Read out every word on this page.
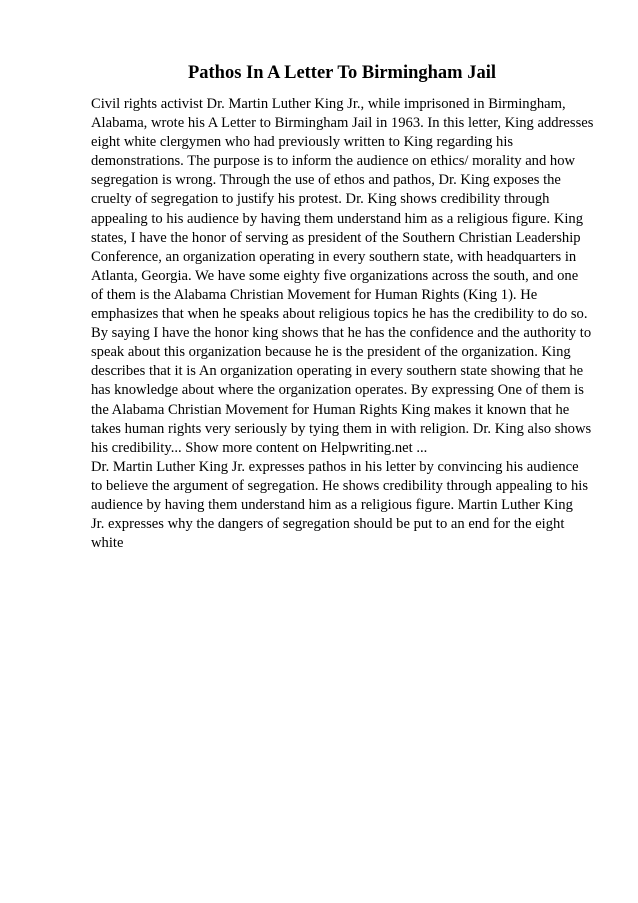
Pathos In A Letter To Birmingham Jail
Civil rights activist Dr. Martin Luther King Jr., while imprisoned in Birmingham,
Alabama, wrote his A Letter to Birmingham Jail in 1963. In this letter, King addresses
eight white clergymen who had previously written to King regarding his
demonstrations. The purpose is to inform the audience on ethics/ morality and how
segregation is wrong. Through the use of ethos and pathos, Dr. King exposes the
cruelty of segregation to justify his protest. Dr. King shows credibility through
appealing to his audience by having them understand him as a religious figure. King
states, I have the honor of serving as president of the Southern Christian Leadership
Conference, an organization operating in every southern state, with headquarters in
Atlanta, Georgia. We have some eighty five organizations across the south, and one
of them is the Alabama Christian Movement for Human Rights (King 1). He
emphasizes that when he speaks about religious topics he has the credibility to do so.
By saying I have the honor king shows that he has the confidence and the authority to
speak about this organization because he is the president of the organization. King
describes that it is An organization operating in every southern state showing that he
has knowledge about where the organization operates. By expressing One of them is
the Alabama Christian Movement for Human Rights King makes it known that he
takes human rights very seriously by tying them in with religion. Dr. King also shows
his credibility... Show more content on Helpwriting.net ...
Dr. Martin Luther King Jr. expresses pathos in his letter by convincing his audience
to believe the argument of segregation. He shows credibility through appealing to his
audience by having them understand him as a religious figure. Martin Luther King
Jr. expresses why the dangers of segregation should be put to an end for the eight
white
